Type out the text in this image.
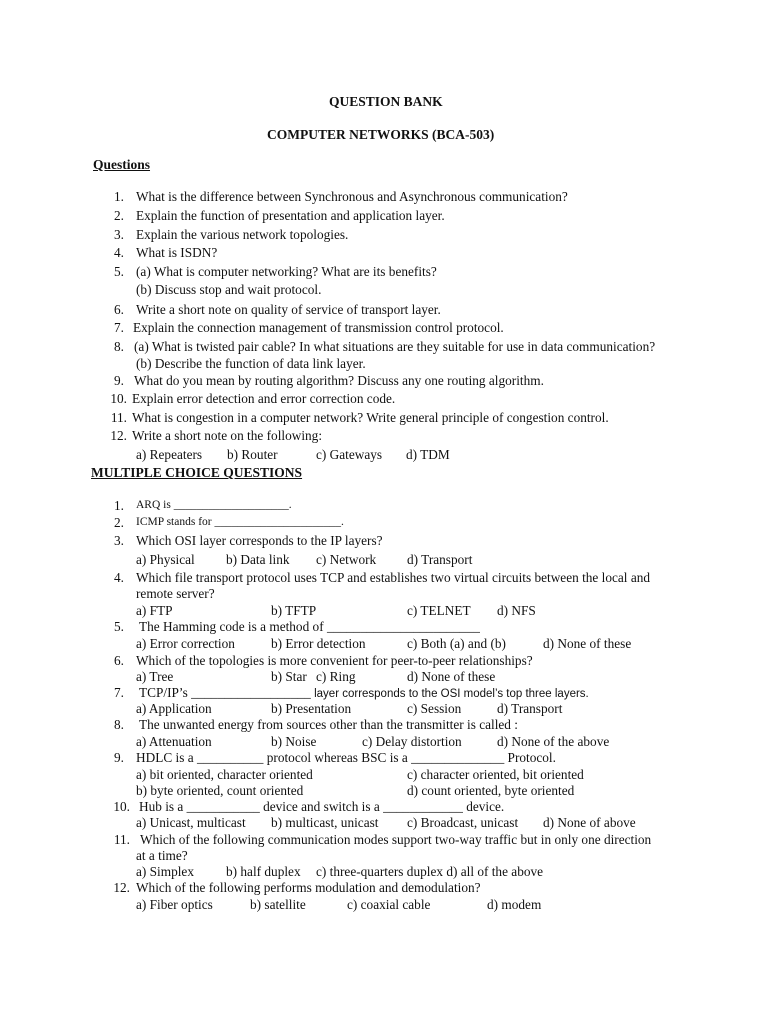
QUESTION BANK
COMPUTER NETWORKS (BCA-503)
Questions
1. What is the difference between Synchronous and Asynchronous communication?
2. Explain the function of presentation and application layer.
3. Explain the various network topologies.
4. What is ISDN?
5. (a) What is computer networking? What are its benefits?
(b) Discuss stop and wait protocol.
6. Write a short note on quality of service of transport layer.
7. Explain the connection management of transmission control protocol.
8. (a) What is twisted pair cable? In what situations are they suitable for use in data communication?
(b) Describe the function of data link layer.
9. What do you mean by routing algorithm? Discuss any one routing algorithm.
10. Explain error detection and error correction code.
11. What is congestion in a computer network? Write general principle of congestion control.
12. Write a short note on the following:
a) Repeaters b) Router	c) Gateways d) TDM
MULTIPLE CHOICE QUESTIONS
1. ARQ is ____________________.
2. ICMP stands for ______________________.
3. Which OSI layer corresponds to the IP layers?
a) Physical b) Data link c) Network d) Transport
4. Which file transport protocol uses TCP and establishes two virtual circuits between the local and
remote server?
a) FTP	b) TFTP	c) TELNET d) NFS
5. The Hamming code is a method of _______________________
a) Error correction	b) Error detection	c) Both (a) and (b)	d) None of these
6. Which of the topologies is more convenient for peer-to-peer relationships?
a) Tree	b) Star c) Ring	d) None of these
7. TCP/IP’s __________________ layer corresponds to the OSI model’s top three layers.
a) Application	b) Presentation	c) Session	d) Transport
8. The unwanted energy from sources other than the transmitter is called :
a) Attenuation	b) Noise	c) Delay distortion	d) None of the above
9. HDLC is a __________ protocol whereas BSC is a ______________ Protocol.
a) bit oriented, character oriented	c) character oriented, bit oriented
b) byte oriented, count oriented	d) count oriented, byte oriented
10. Hub is a ___________ device and switch is a ____________ device.
a) Unicast, multicast b) multicast, unicast c) Broadcast, unicast d) None of above
11. Which of the following communication modes support two-way traffic but in only one direction
at a time?
a) Simplex b) half duplex c) three-quarters duplex d) all of the above
12. Which of the following performs modulation and demodulation?
a) Fiber optics	b) satellite	c) coaxial cable	d) modem
